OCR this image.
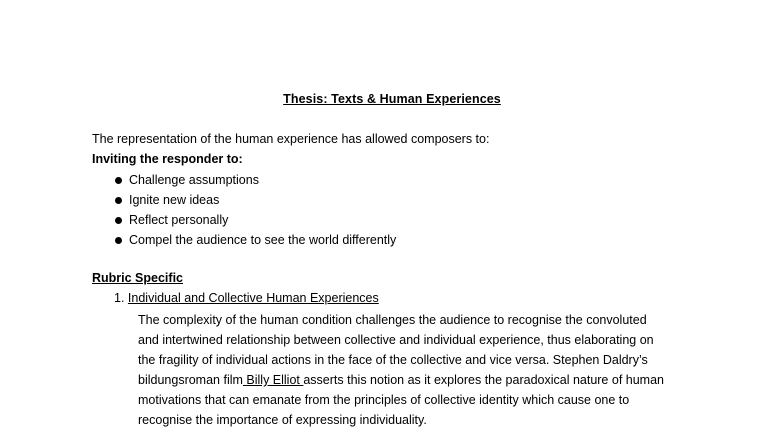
Thesis: Texts & Human Experiences
The representation of the human experience has allowed composers to:
Inviting the responder to:
Challenge assumptions
Ignite new ideas
Reflect personally
Compel the audience to see the world differently
Rubric Specific
1. Individual and Collective Human Experiences
The complexity of the human condition challenges the audience to recognise the convoluted
and intertwined relationship between collective and individual experience, thus elaborating on
the fragility of individual actions in the face of the collective and vice versa. Stephen Daldry’s
bildungsroman film Billy Elliot asserts this notion as it explores the paradoxical nature of human
motivations that can emanate from the principles of collective identity which cause one to
recognise the importance of expressing individuality.
